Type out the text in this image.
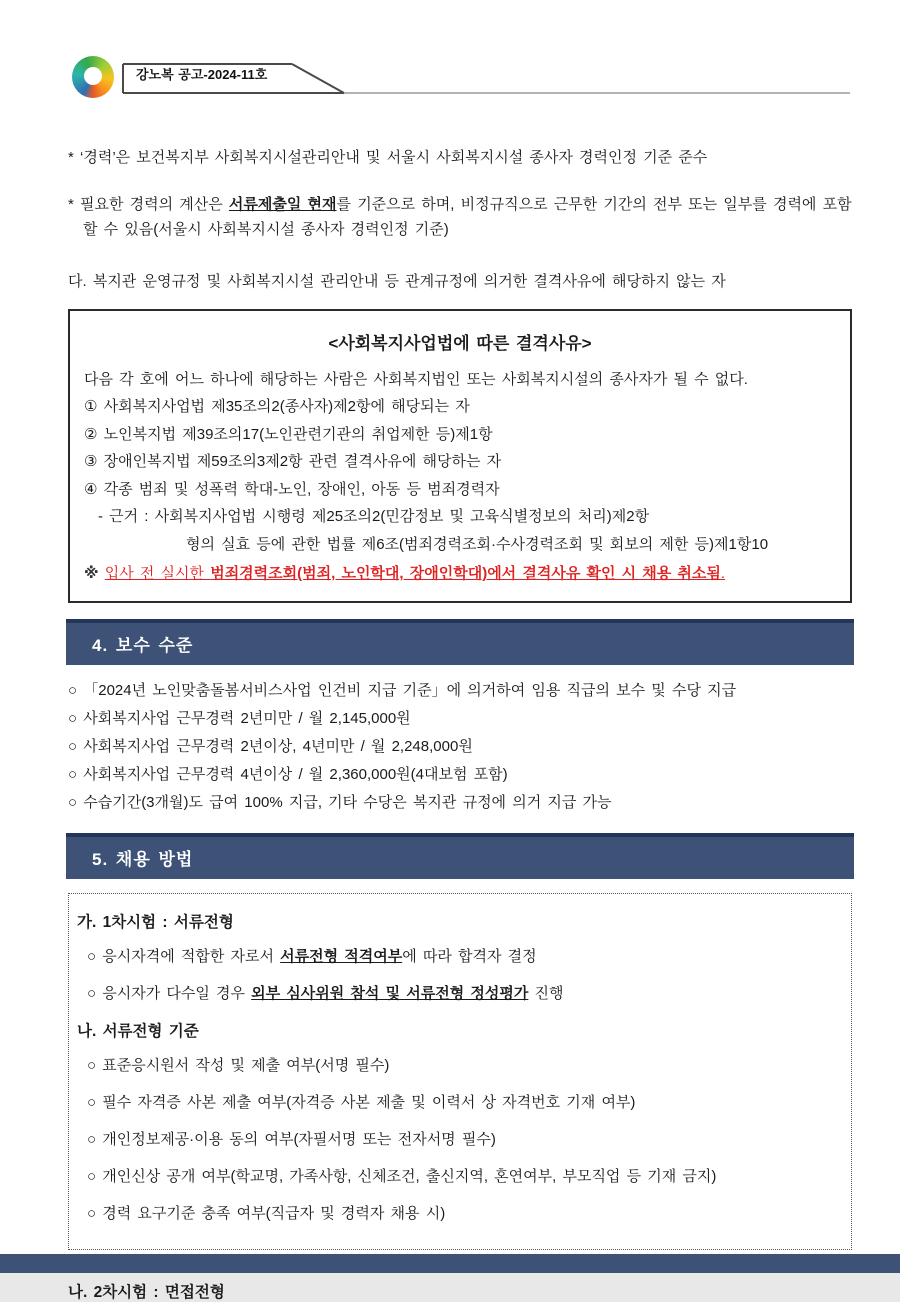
강노복 공고-2024-11호

* ‘경력’은 보건복지부 사회복지시설관리안내 및 서울시 사회복지시설 종사자 경력인정 기준 준수

* 필요한 경력의 계산은 서류제출일 현재를 기준으로 하며, 비정규직으로 근무한 기간의 전부 또는 일부를 경력에 포함할 수 있음(서울시 사회복지시설 종사자 경력인정 기준)

다. 복지관 운영규정 및 사회복지시설 관리안내 등 관계규정에 의거한 결격사유에 해당하지 않는 자

<사회복지사업법에 따른 결격사유>
다음 각 호에 어느 하나에 해당하는 사람은 사회복지법인 또는 사회복지시설의 종사자가 될 수 없다.
① 사회복지사업법 제35조의2(종사자)제2항에 해당되는 자
② 노인복지법 제39조의17(노인관련기관의 취업제한 등)제1항
③ 장애인복지법 제59조의3제2항 관련 결격사유에 해당하는 자
④ 각종 범죄 및 성폭력 학대-노인, 장애인, 아동 등 범죄경력자
- 근거 : 사회복지사업법 시행령 제25조의2(민감정보 및 고육식별정보의 처리)제2항
형의 실효 등에 관한 법률 제6조(범죄경력조회·수사경력조회 및 회보의 제한 등)제1항10
※ 입사 전 실시한 범죄경력조회(범죄, 노인학대, 장애인학대)에서 결격사유 확인 시 채용 취소됨.
4. 보수 수준
○ 「2024년 노인맞춤돌봄서비스사업 인건비 지급 기준」에 의거하여 임용 직급의 보수 및 수당 지급
○ 사회복지사업 근무경력 2년미만 / 월 2,145,000원
○ 사회복지사업 근무경력 2년이상, 4년미만 / 월 2,248,000원
○ 사회복지사업 근무경력 4년이상 / 월 2,360,000원(4대보험 포함)
○ 수습기간(3개월)도 급여 100% 지급, 기타 수당은 복지관 규정에 의거 지급 가능
5. 채용 방법
가. 1차시험 : 서류전형
○ 응시자격에 적합한 자로서 서류전형 적격여부에 따라 합격자 결정
○ 응시자가 다수일 경우 외부 심사위원 참석 및 서류전형 정성평가 진행
나. 서류전형 기준
○ 표준응시원서 작성 및 제출 여부(서명 필수)
○ 필수 자격증 사본 제출 여부(자격증 사본 제출 및 이력서 상 자격번호 기재 여부)
○ 개인정보제공·이용 동의 여부(자필서명 또는 전자서명 필수)
○ 개인신상 공개 여부(학교명, 가족사항, 신체조건, 출신지역, 혼연여부, 부모직업 등 기재 금지)
○ 경력 요구기준 충족 여부(직급자 및 경력자 채용 시)
나. 2차시험 : 면접전형
